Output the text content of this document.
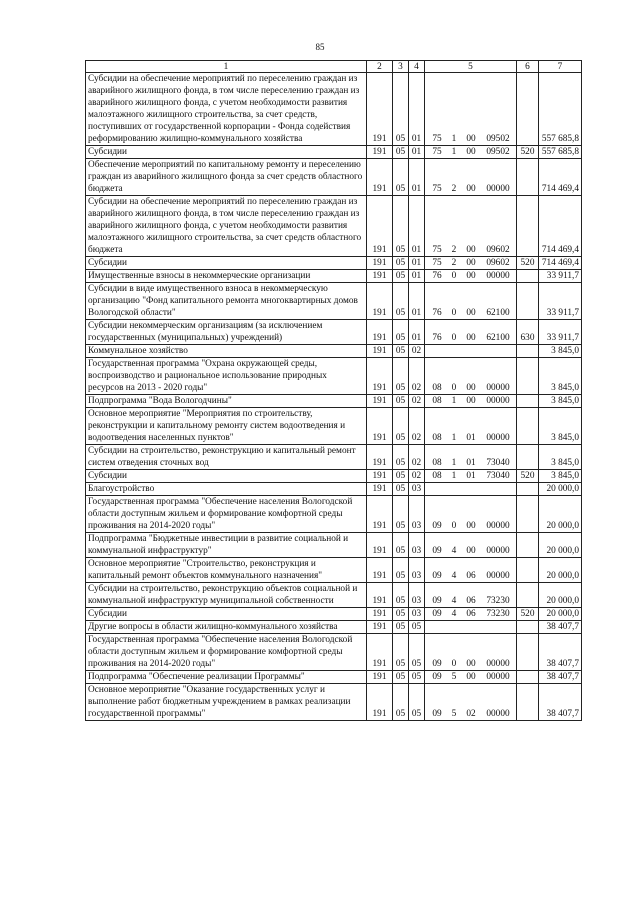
85
1	2	3	4	5	6	7
Субсидии на обеспечение мероприятий по переселению граждан из аварийного жилищного фонда, в том числе переселению граждан из аварийного жилищного фонда, с учетом необходимости развития малоэтажного жилищного строительства, за счет средств, поступивших от государственной корпорации - Фонда содействия реформированию жилищно-коммунального хозяйства	191	05	01	75 1 00 09502		557 685,8
Субсидии	191	05	01	75 1 00 09502	520	557 685,8
Обеспечение мероприятий по капитальному ремонту и переселению граждан из аварийного жилищного фонда за счет средств областного бюджета	191	05	01	75 2 00 00000		714 469,4
Субсидии на обеспечение мероприятий по переселению граждан из аварийного жилищного фонда, в том числе переселению граждан из аварийного жилищного фонда, с учетом необходимости развития малоэтажного жилищного строительства, за счет средств областного бюджета	191	05	01	75 2 00 09602		714 469,4
Субсидии	191	05	01	75 2 00 09602	520	714 469,4
Имущественные взносы в некоммерческие организации	191	05	01	76 0 00 00000		33 911,7
Субсидии в виде имущественного взноса в некоммерческую организацию "Фонд капитального ремонта многоквартирных домов Вологодской области"	191	05	01	76 0 00 62100		33 911,7
Субсидии некоммерческим организациям (за исключением государственных (муниципальных) учреждений)	191	05	01	76 0 00 62100	630	33 911,7
Коммунальное хозяйство	191	05	02			3 845,0
Государственная программа "Охрана окружающей среды, воспроизводство и рациональное использование природных ресурсов на 2013 - 2020 годы"	191	05	02	08 0 00 00000		3 845,0
Подпрограмма "Вода Вологодчины"	191	05	02	08 1 00 00000		3 845,0
Основное мероприятие "Мероприятия по строительству, реконструкции и капитальному ремонту систем водоотведения и водоотведения населенных пунктов"	191	05	02	08 1 01 00000		3 845,0
Субсидии на строительство, реконструкцию и капитальный ремонт систем отведения сточных вод	191	05	02	08 1 01 73040		3 845,0
Субсидии	191	05	02	08 1 01 73040	520	3 845,0
Благоустройство	191	05	03			20 000,0
Государственная программа "Обеспечение населения Вологодской области доступным жильем и формирование комфортной среды проживания на 2014-2020 годы"	191	05	03	09 0 00 00000		20 000,0
Подпрограмма "Бюджетные инвестиции в развитие социальной и коммунальной инфраструктур"	191	05	03	09 4 00 00000		20 000,0
Основное мероприятие "Строительство, реконструкция и капитальный ремонт объектов коммунального назначения"	191	05	03	09 4 06 00000		20 000,0
Субсидии на строительство, реконструкцию объектов социальной и коммунальной инфраструктур муниципальной собственности	191	05	03	09 4 06 73230		20 000,0
Субсидии	191	05	03	09 4 06 73230	520	20 000,0
Другие вопросы в области жилищно-коммунального хозяйства	191	05	05			38 407,7
Государственная программа "Обеспечение населения Вологодской области доступным жильем и формирование комфортной среды проживания на 2014-2020 годы"	191	05	05	09 0 00 00000		38 407,7
Подпрограмма "Обеспечение реализации Программы"	191	05	05	09 5 00 00000		38 407,7
Основное мероприятие "Оказание государственных услуг и выполнение работ бюджетным учреждением в рамках реализации государственной программы"	191	05	05	09 5 02 00000		38 407,7
